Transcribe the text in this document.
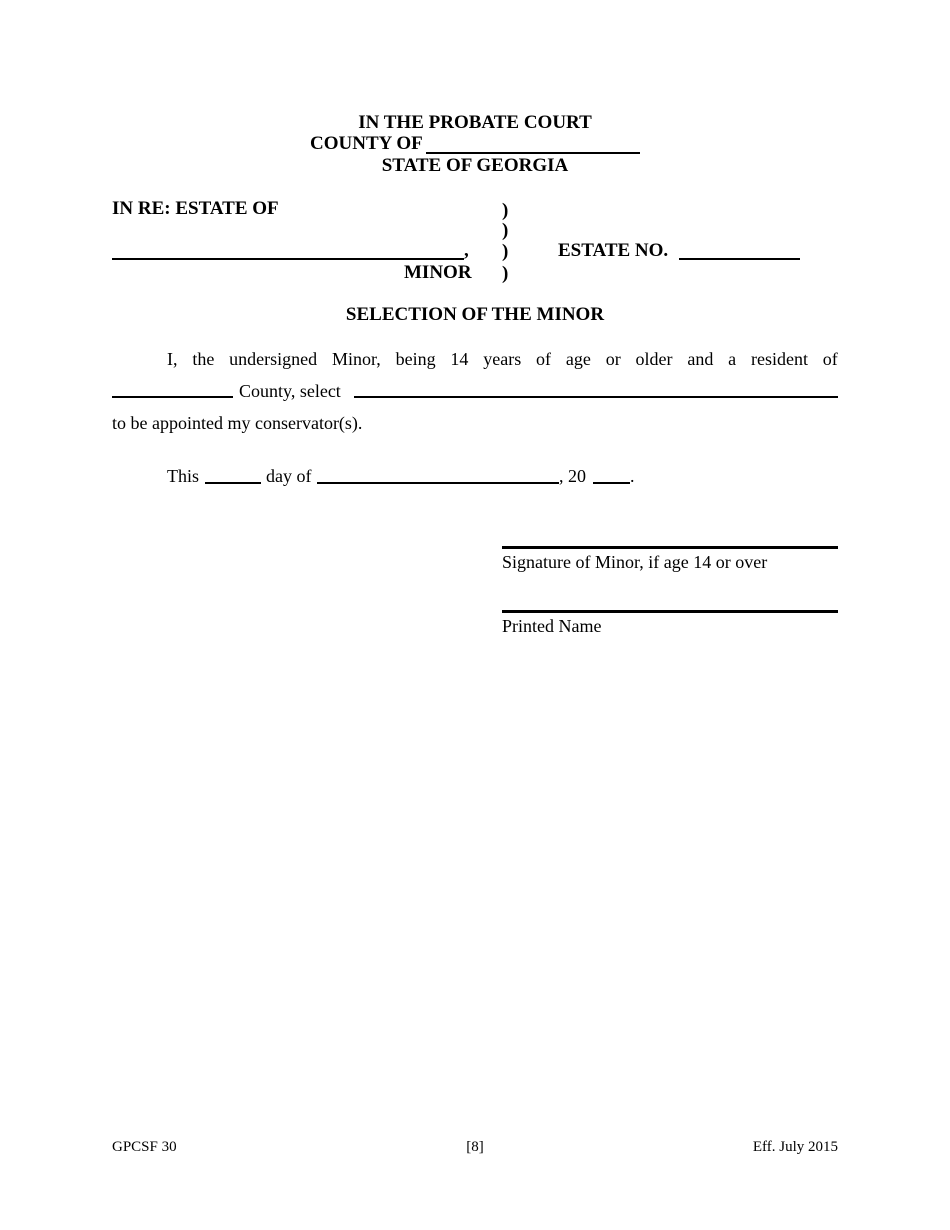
IN THE PROBATE COURT
COUNTY OF
STATE OF GEORGIA
IN RE: ESTATE OF	)
)
)
)
,
MINOR
ESTATE NO.
SELECTION OF THE MINOR
I, the undersigned Minor, being 14 years of age or older and a resident of
County, select
to be appointed my conservator(s).
This	day of	, 20 .
Signature of Minor, if age 14 or over
Printed Name
GPCSF 30	[8]	Eff. July 2015
